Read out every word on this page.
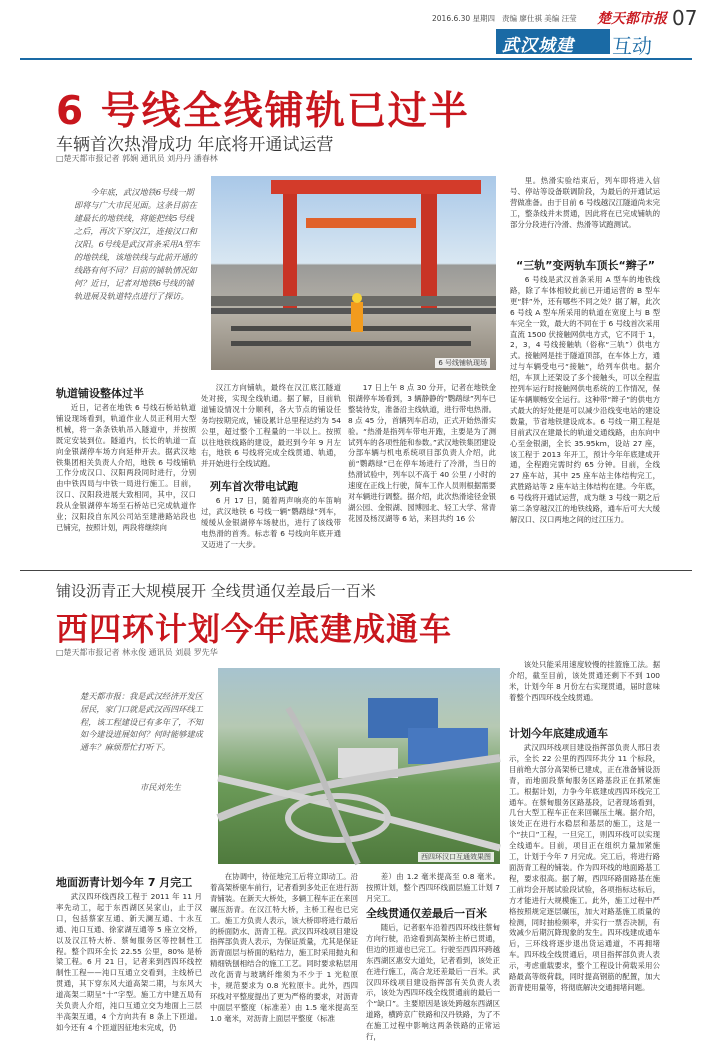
2016.6.30 星期四 责编 廖仕祺 美编 汪莹 楚天都市报 07
武汉城建 互动
6 号线全线铺轨已过半
车辆首次热滑成功 年底将开通试运营
□楚天都市报记者 郭娴 通讯员 刘丹丹 潘春林
今年底，武汉地铁6号线一期即将与广大市民见面。这条目前在建最长的地铁线，将能把线5号线之后，再次下穿汉江，连接汉口和汉阳。6号线是武汉首条采用A型车的地铁线，该地铁线与此前开通的线路有何不同？目前的铺轨情况如何？近日，记者对地铁6号线的铺轨进展及轨道特点进行了探访。
6 号线铺轨现场
轨道铺设整体过半

近日，记者在地铁 6 号线石桥站轨道铺设现场看到，轨道作业人员正利用大型机械，将一条条铁轨吊入隧道中，并按照既定安装到位。隧道内，长长的轨道一直向金银湖停车场方向延伸开去。据武汉地铁集团相关负责人介绍，地铁 6 号线铺轨工作分成汉口、汉阳两段同时进行，分别由中铁四局与中铁一局进行施工。目前，汉口、汉阳段进展大致相同，其中，汉口段从金银湖停车场至石桥站已完成轨道作业；汉阳段自东风公司站至建港路站段也已铺完，按照计划，两段将继续向

汉江方向铺轨，最终在汉江底江隧道处对接，实现全线轨通。据了解，目前轨道铺设情况十分顺利，各大节点的铺设任务均按期完成，铺设累计总里程达约为 54 公里，超过整个工程量的一半以上。按照以往地铁线路的建设，最迟到今年 9 月左右，地铁 6 号线将完成全线贯通、轨通，并开始进行全线试跑。

列车首次带电试跑

6 月 17 日，随着两声响亮的车笛响过，武汉地铁 6 号线一辆“鹦鹉绿”列车，缓缓从金银湖停车场驶出，进行了该线带电热滑的首秀。标志着 6 号线向年底开通又迈进了一大步。

17 日上午 8 点 30 分开，记者在地铁金银湖停车场看到，3 辆静静的“鹦鹉绿”列车已整装待发，准备沿主线轨道，进行带电热滑。8 点 45 分，首辆列车启动，正式开始热滑实验。“热滑是指列车带电开跑，主要是为了测试列车的各项性能和参数。”武汉地铁集团建设分部车辆与机电系统项目部负责人介绍，此前“鹦鹉绿”已在停车场进行了冷滑，当日的热滑试验中，列车以不高于 40 公里 / 小时的速度在正线上行驶，简车工作人员则根据需要对车辆进行调整。据介绍，此次热滑途径金银湖公园、金银湖、园博园北、轻工大学、常青花园及杨汊湖等 6 站，来回共约 16 公

里。热滑实验结束后，列车即将进入信号、停站等设备联调阶段，为最后的开通试运营做准备。由于目前 6 号线越汉江隧道尚未完工，整条线并未贯通，因此将在已完成铺轨的部分分段进行冷滑、热滑等试跑测试。

“三轨”变两轨车顶长“辫子”

6 号线是武汉首条采用 A 型车的地铁线路，除了车体相较此前已开通运营的 B 型车更“胖”外，还有哪些不同之处？据了解，此次 6 号线 A 型车所采用的轨道在宽度上与 B 型车完全一致，最大的不同在于 6 号线首次采用直流 1500 伏接触网供电方式，它不同于 1，2，3，4 号线接触轨（俗称“三轨”）供电方式。接触网是挂于隧道顶部，在车体上方，通过与车辆受电弓“接触”，给列车供电。据介绍，车顶上还架设了多个接触头，可以全程监控列车运行时接触网供电系统的工作情况，保证车辆顺畅安全运行。这种带“辫子”的供电方式最大的好处便是可以减少沿线变电站的建设数量，节省地铁建设成本。6 号线一期工程是目前武汉在建最长的轨道交通线路，由东向中心至金银湖，全长 35.95km，设站 27 座，该工程于 2013 年开工，预计今年年底建成开通，全程跑完需时约 65 分钟。目前，全线 27 座车站，其中 25 座车站主体结构完工，武胜路站等 2 座车站主体结构在建。今年底，6 号线将开通试运营，成为继 3 号线一期之后第二条穿越汉江的地铁线路，通车后可大大缓解汉口、汉口两地之间的过江压力。

铺设沥青正大规模展开 全线贯通仅差最后一百米
西四环计划今年底建成通车
□楚天都市报记者 林永俊 通讯员 刘晨 罗先华
楚天都市报：我是武汉经济开发区居民，家门口就是武汉西四环线工程，该工程建设已有多年了，不知如今建设进展如何？何时能够建成通车？麻烦帮忙打听下。
市民刘先生
西四环汉口互通效果图

该处只能采用速度较慢的挂篮施工法。据介绍，截至目前，该处贯通还剩下不到 100 米，计划今年 8 月份左右实现贯通，届时意味着整个西四环线全线贯通。

计划今年底建成通车

武汉四环线项目建设指挥部负责人邢日表示，全长 22 公里的西四环共分 11 个标段，目前绝大部分高架桥已建成，正在准备铺设沥青，而地面段蔡甸服务区路基段正在抓紧施工。根据计划，力争今年底建成西四环线完工通车。在蔡甸服务区路基段，记者现场看到，几台大型工程车正在来回碾压土壤。据介绍，该处正在进行水稳层和基层的施工，这是一个“扶口”工程，一旦完工，则四环线可以实现全线通车。目前，项目正在组织力量加紧施工，计划于今年 7 月完成。完工后，将进行路面沥青工程的铺装。作为四环线的地面路基工程，要求很高。据了解，西四环路面路基在施工前均会开展试验段试验，各项指标达标后，方才能进行大规模施工。此外，施工过程中严格按照规定逐层碾压，加大对路基施工质量的检测，同时抽检频率，并实行一票否决制，有效减少后期沉降现象的发生。四环线建成通车后，三环线将逐步退出货运通道，不再拥堵车。四环线全线贯通后，项目指挥部负责人表示，考虑重载要求，整个工程设计荷载采用公路最高等级荷载，同时提高钢筋的配置，加大沥青使用量等，将彻底解决交通拥堵问题。

地面沥青计划今年 7 月完工

武汉四环线西段工程于 2011 年 11 月率先动工，起于东西湖区吴家山，止于汉口，包括蔡家互通、新天澜互通、十永互通、沌口互通、徐家湖互通等 5 座立交桥，以及汉江特大桥、蔡甸服务区等控制性工程。整个四环全长 22.55 公里，80% 是桥梁工程。6 月 21 日，记者来到西四环线控制性工程——沌口互通立交看到，主线桥已贯通，其下穿东风大道高架二期，与东风大道高架二期呈“十”字型。施工方中建五局有关负责人介绍，沌口互通立交为地面上三层半高架互通，4 个方向共有 8 条上下匝道。如今还有 4 个匝道因征地未完成，仍

在协调中，待征地完工后将立即动工。沿着高架桥驱车前行，记者看到多处正在进行沥青铺装。在新天大桥处，多辆工程车正在来回碾压沥青。在汉江特大桥，主桥工程也已完工。施工方负责人表示，该大桥即将进行最后的桥面防水、沥青工程。武汉四环线项目建设指挥部负责人表示，为保证质量，尤其是保证沥青面层与桥面的粘结力，施工时采用抛丸和精细铣刨相结合的施工工艺。同时要求粘层用改化沥青与玻璃纤维须为不少于 1 光粒原卡，规范要求为 0.8 光粒原卡。此外，西四环线对平整度提出了更为严格的要求，对沥青中面层平整度（标准差）由 1.5 毫米提高至 1.0 毫米，对沥青上面层平整度（标准

差）由 1.2 毫米提高至 0.8 毫米。按照计划，整个西四环线面层施工计划 7 月完工。

全线贯通仅差最后一百米

随后，记者驱车沿着西四环线往蔡甸方向行驶，沿途看到高架桥主桥已贯通，但边的匝道也已完工。行驶至西四环跨越东西湖区惠安大道处，记者看到，该处正在进行施工，高合龙还差最后一百米。武汉四环线项目建设指挥部有关负责人表示，该处为西四环线全线贯通前的最后一个“缺口”。主要原因是该处跨越东西湖区道路，横跨京广铁路和汉丹铁路，为了不在施工过程中影响这两条铁路的正常运行，
